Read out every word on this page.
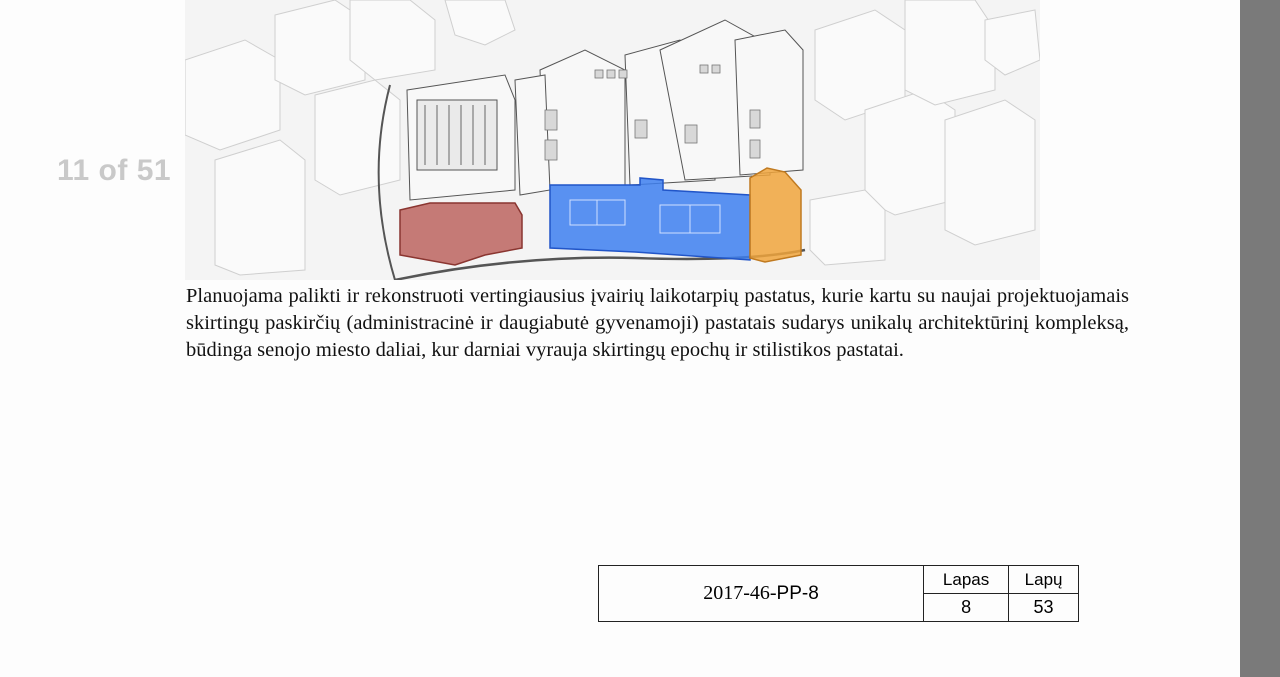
11 of 51
Planuojama palikti ir rekonstruoti vertingiausius įvairių laikotarpių pastatus, kurie kartu su naujai projektuojamais skirtingų paskirčių (administracinė ir daugiabutė gyvenamoji) pastatais sudarys unikalų architektūrinį kompleksą, būdinga senojo miesto daliai, kur darniai vyrauja skirtingų epochų ir stilistikos pastatai.
2017-46-PP-8	Lapas	Lapų
	8	53
